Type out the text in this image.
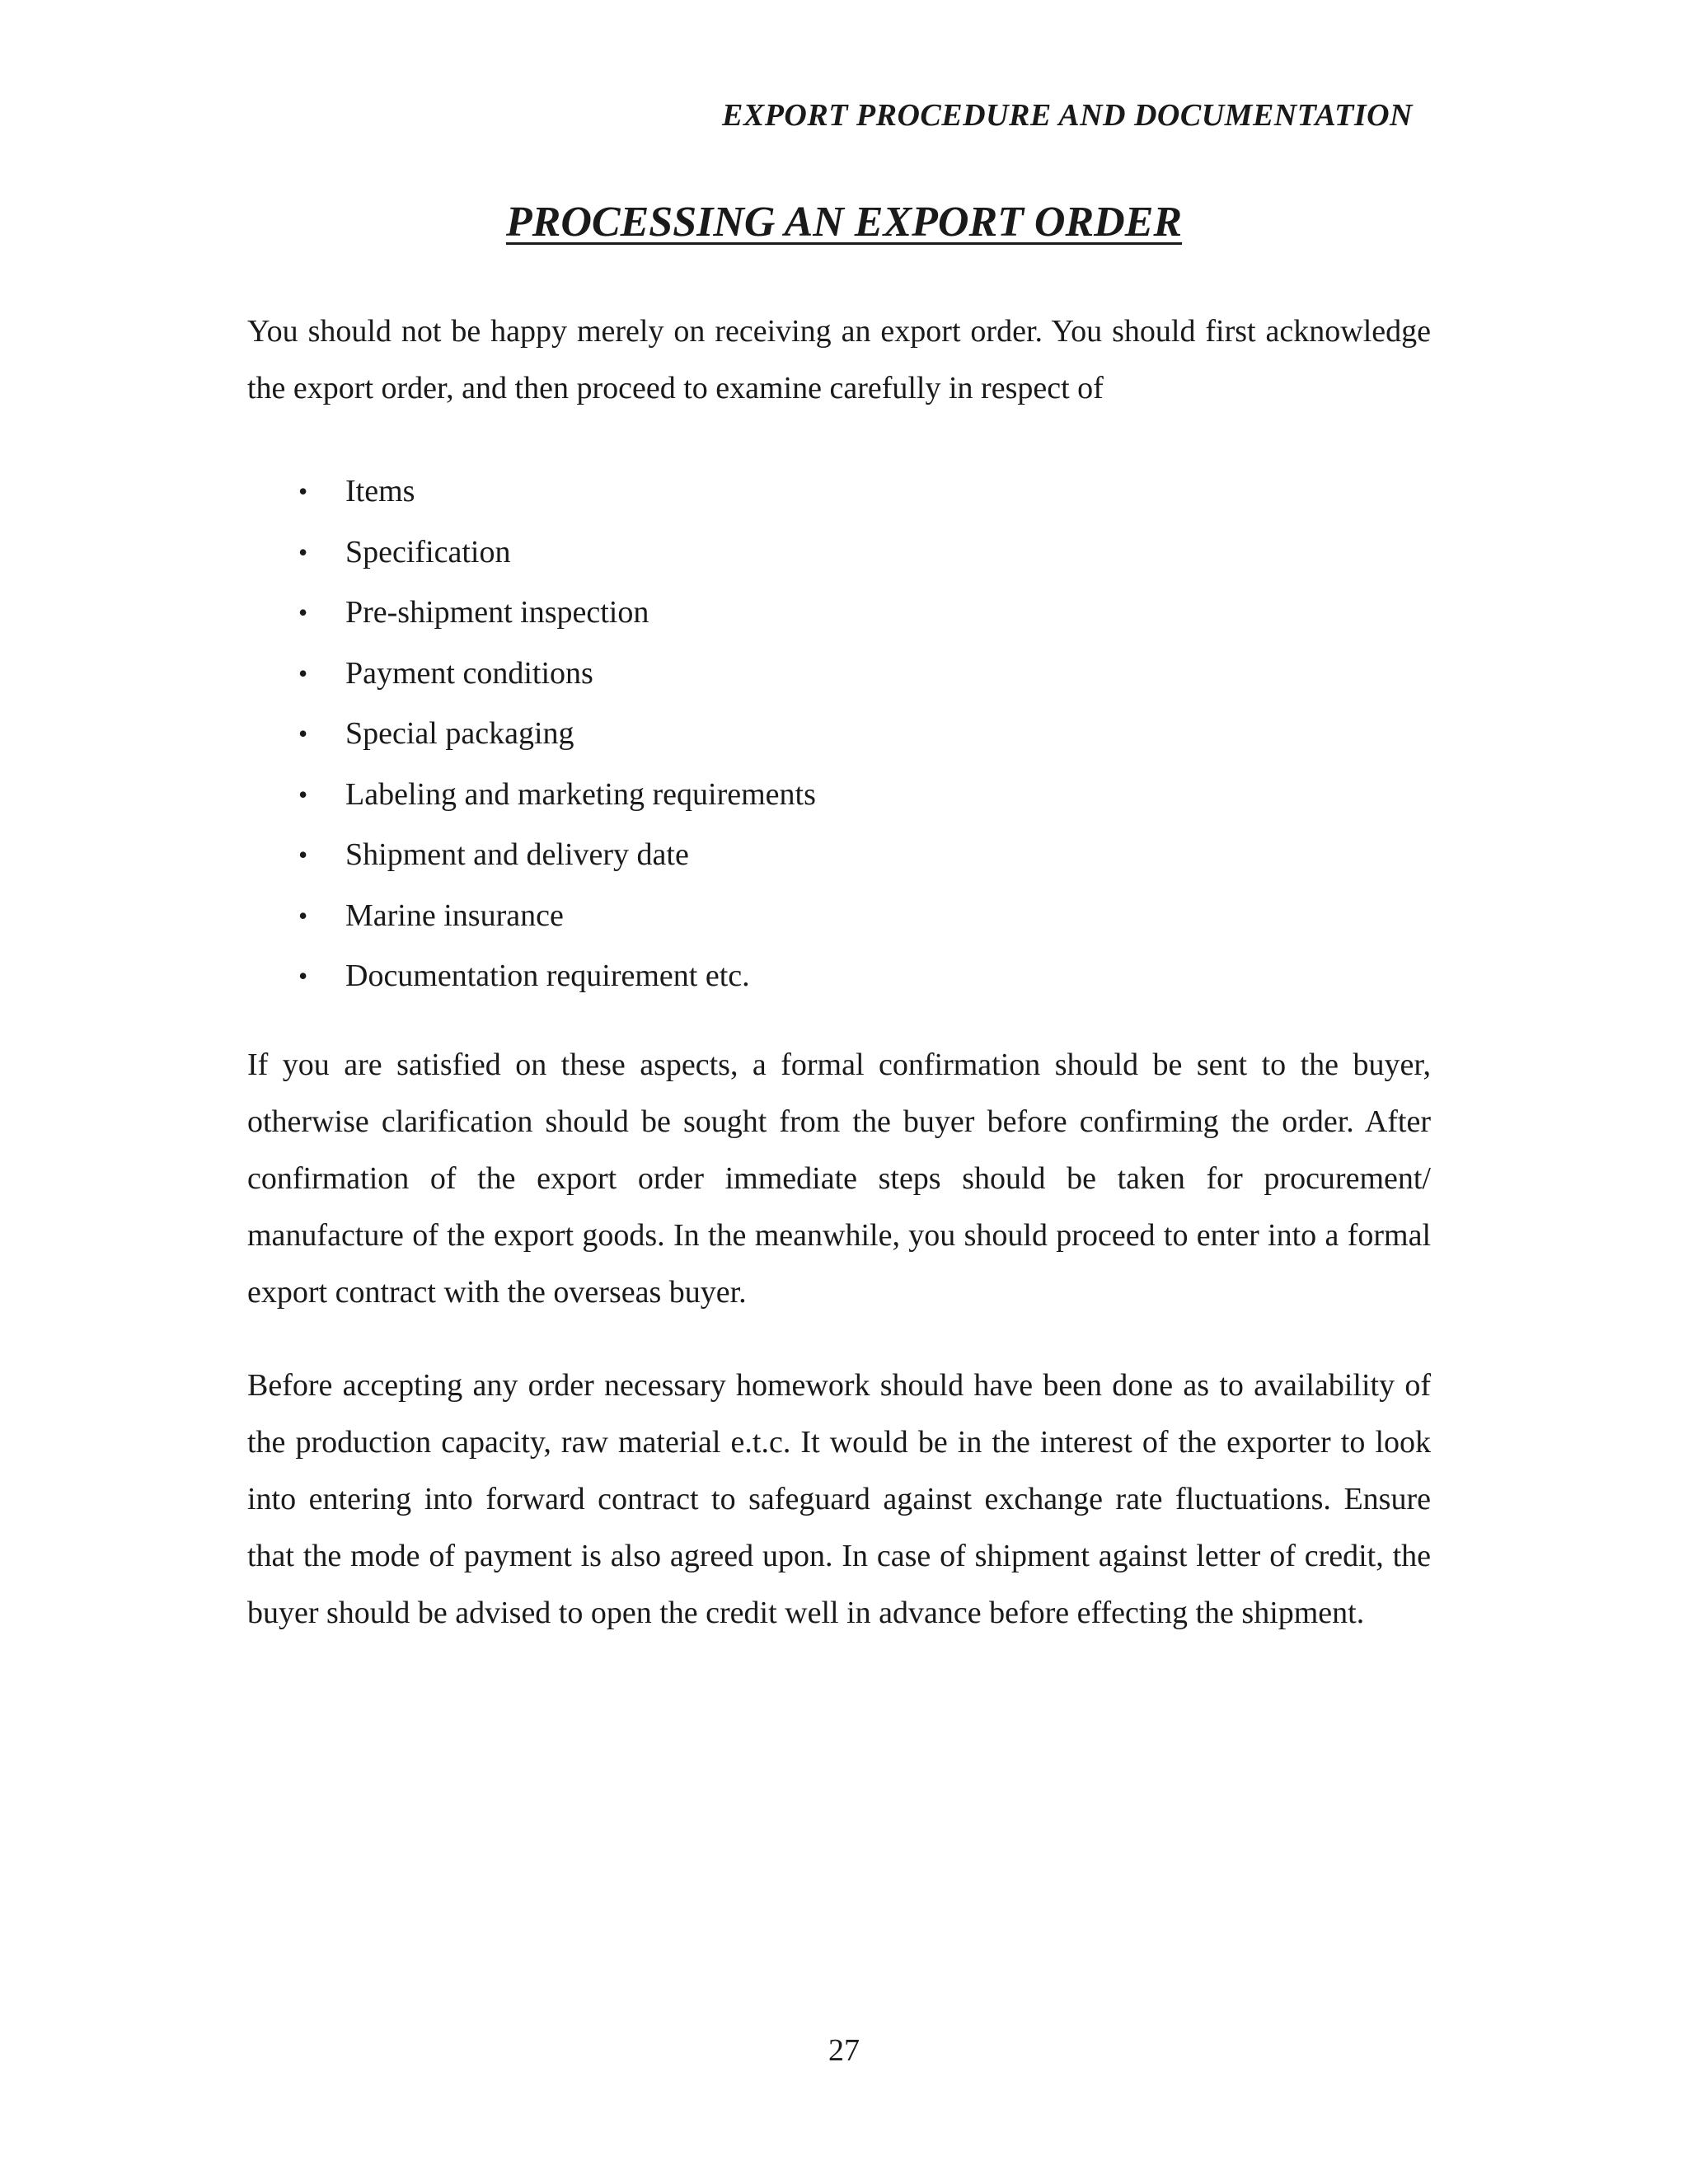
EXPORT PROCEDURE AND DOCUMENTATION
PROCESSING AN EXPORT ORDER

You should not be happy merely on receiving an export order. You should first acknowledge the export order, and then proceed to examine carefully in respect of

• Items
• Specification
• Pre-shipment inspection
• Payment conditions
• Special packaging
• Labeling and marketing requirements
• Shipment and delivery date
• Marine insurance
• Documentation requirement etc.

If you are satisfied on these aspects, a formal confirmation should be sent to the buyer, otherwise clarification should be sought from the buyer before confirming the order. After confirmation of the export order immediate steps should be taken for procurement/ manufacture of the export goods. In the meanwhile, you should proceed to enter into a formal export contract with the overseas buyer.

Before accepting any order necessary homework should have been done as to availability of the production capacity, raw material e.t.c. It would be in the interest of the exporter to look into entering into forward contract to safeguard against exchange rate fluctuations. Ensure that the mode of payment is also agreed upon. In case of shipment against letter of credit, the buyer should be advised to open the credit well in advance before effecting the shipment.

27
